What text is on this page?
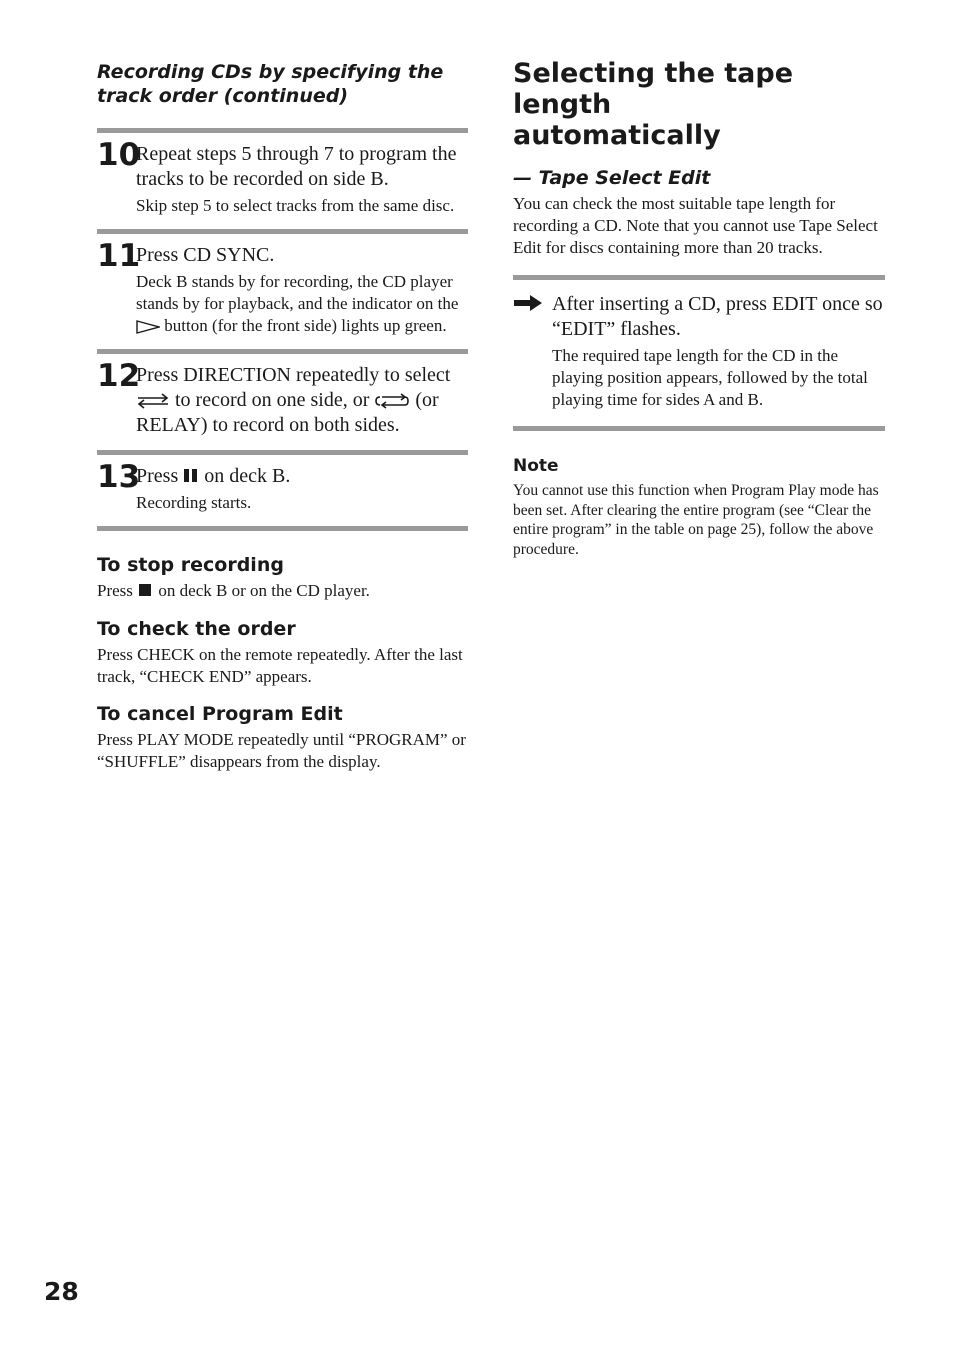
Recording CDs by specifying the

track order (continued)

10
Repeat steps 5 through 7 to program the tracks to be recorded on side B.
Skip step 5 to select tracks from the same disc.
11
Press CD SYNC.
Deck B stands by for recording, the CD player stands by for playback, and the indicator on the  button (for the front side) lights up green.
12
Press DIRECTION repeatedly to select  to record on one side, or (or RELAY) to record on both sides.
13
Press on deck B.
Recording starts.

To stop recording

Press on deck B or on the CD player.

To check the order

Press CHECK on the remote repeatedly. After the last track, “CHECK END” appears.

To cancel Program Edit

Press PLAY MODE repeatedly until “PROGRAM” or “SHUFFLE” disappears from the display.

Selecting the tape length
automatically

— Tape Select Edit

You can check the most suitable tape length for recording a CD. Note that you cannot use Tape Select Edit for discs containing more than 20 tracks.

After inserting a CD, press EDIT once so “EDIT” flashes.
The required tape length for the CD in the playing position appears, followed by the total playing time for sides A and B.

Note

You cannot use this function when Program Play mode has been set. After clearing the entire program (see “Clear the entire program” in the table on page 25), follow the above procedure.

28
